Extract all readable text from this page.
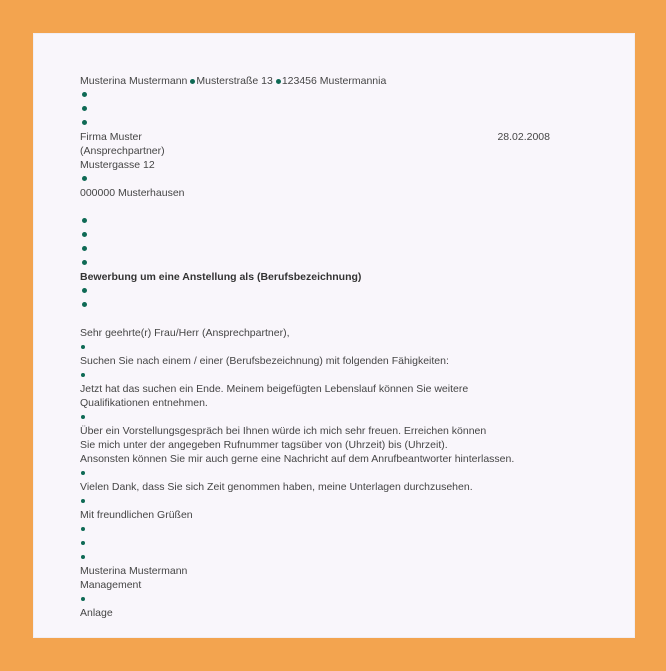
Musterina Mustermann Musterstraße 13 123456 Mustermannia
Firma Muster	28.02.2008
(Ansprechpartner)
Mustergasse 12
000000 Musterhausen
Bewerbung um eine Anstellung als (Berufsbezeichnung)
Sehr geehrte(r) Frau/Herr (Ansprechpartner),
Suchen Sie nach einem / einer (Berufsbezeichnung) mit folgenden Fähigkeiten:
Jetzt hat das suchen ein Ende. Meinem beigefügten Lebenslauf können Sie weitere
Qualifikationen entnehmen.
Über ein Vorstellungsgespräch bei Ihnen würde ich mich sehr freuen. Erreichen können
Sie mich unter der angegeben Rufnummer tagsüber von (Uhrzeit) bis (Uhrzeit).
Ansonsten können Sie mir auch gerne eine Nachricht auf dem Anrufbeantworter hinterlassen.
Vielen Dank, dass Sie sich Zeit genommen haben, meine Unterlagen durchzusehen.
Mit freundlichen Grüßen
Musterina Mustermann
Management
Anlage
